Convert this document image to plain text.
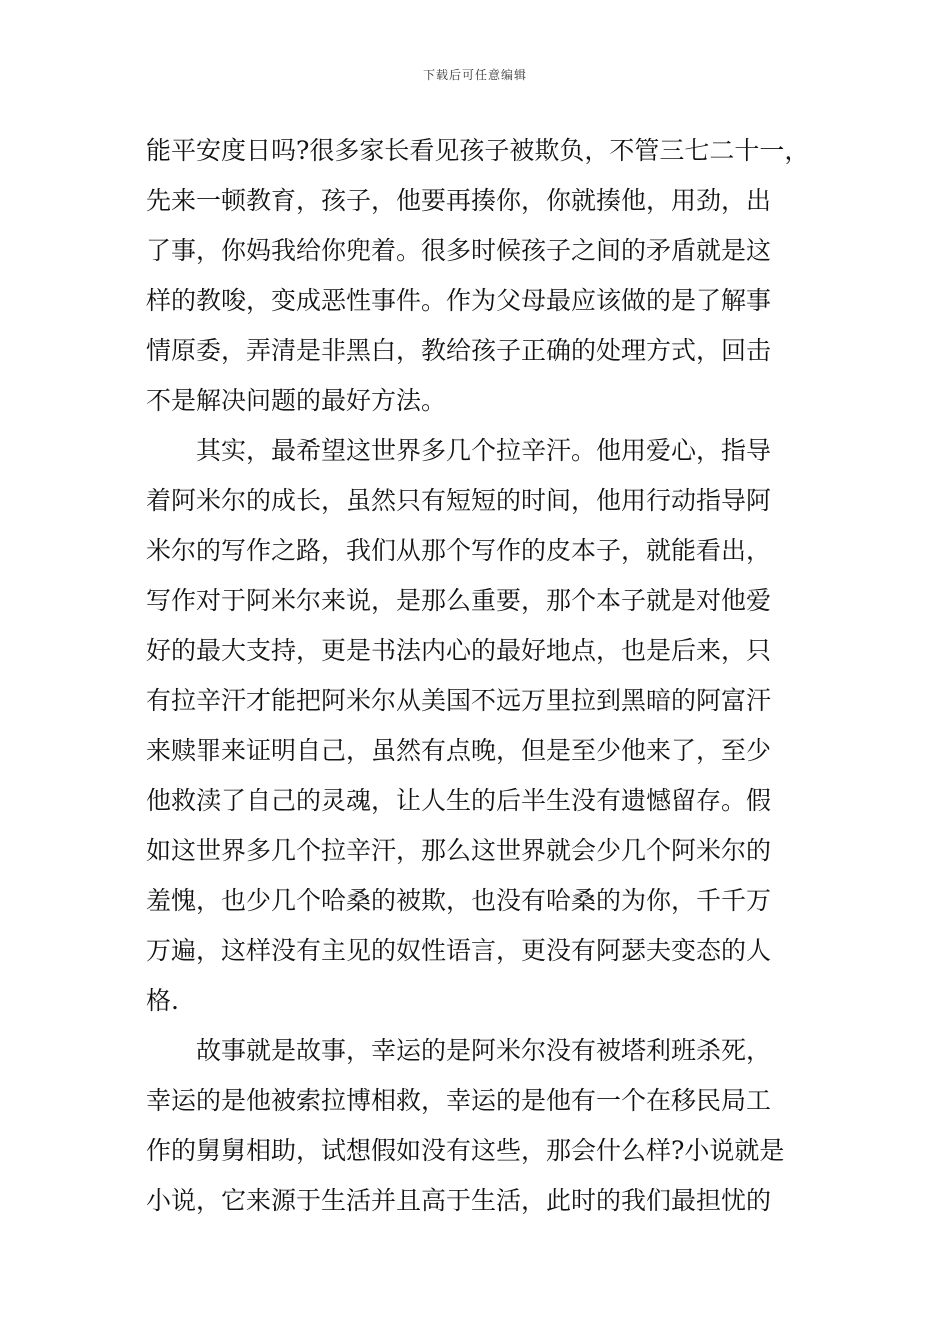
下载后可任意编辑
能平安度日吗?很多家长看见孩子被欺负，不管三七二十一，
先来一顿教育，孩子，他要再揍你，你就揍他，用劲，出
了事，你妈我给你兜着。很多时候孩子之间的矛盾就是这
样的教唆，变成恶性事件。作为父母最应该做的是了解事
情原委，弄清是非黑白，教给孩子正确的处理方式，回击
不是解决问题的最好方法。
　　其实，最希望这世界多几个拉辛汗。他用爱心，指导
着阿米尔的成长，虽然只有短短的时间，他用行动指导阿
米尔的写作之路，我们从那个写作的皮本子，就能看出，
写作对于阿米尔来说，是那么重要，那个本子就是对他爱
好的最大支持，更是书法内心的最好地点，也是后来，只
有拉辛汗才能把阿米尔从美国不远万里拉到黑暗的阿富汗
来赎罪来证明自己，虽然有点晚，但是至少他来了，至少
他救渎了自己的灵魂，让人生的后半生没有遗憾留存。假
如这世界多几个拉辛汗，那么这世界就会少几个阿米尔的
羞愧，也少几个哈桑的被欺，也没有哈桑的为你，千千万
万遍，这样没有主见的奴性语言，更没有阿瑟夫变态的人
格.
　　故事就是故事，幸运的是阿米尔没有被塔利班杀死，
幸运的是他被索拉博相救，幸运的是他有一个在移民局工
作的舅舅相助，试想假如没有这些，那会什么样?小说就是
小说，它来源于生活并且高于生活，此时的我们最担忧的
